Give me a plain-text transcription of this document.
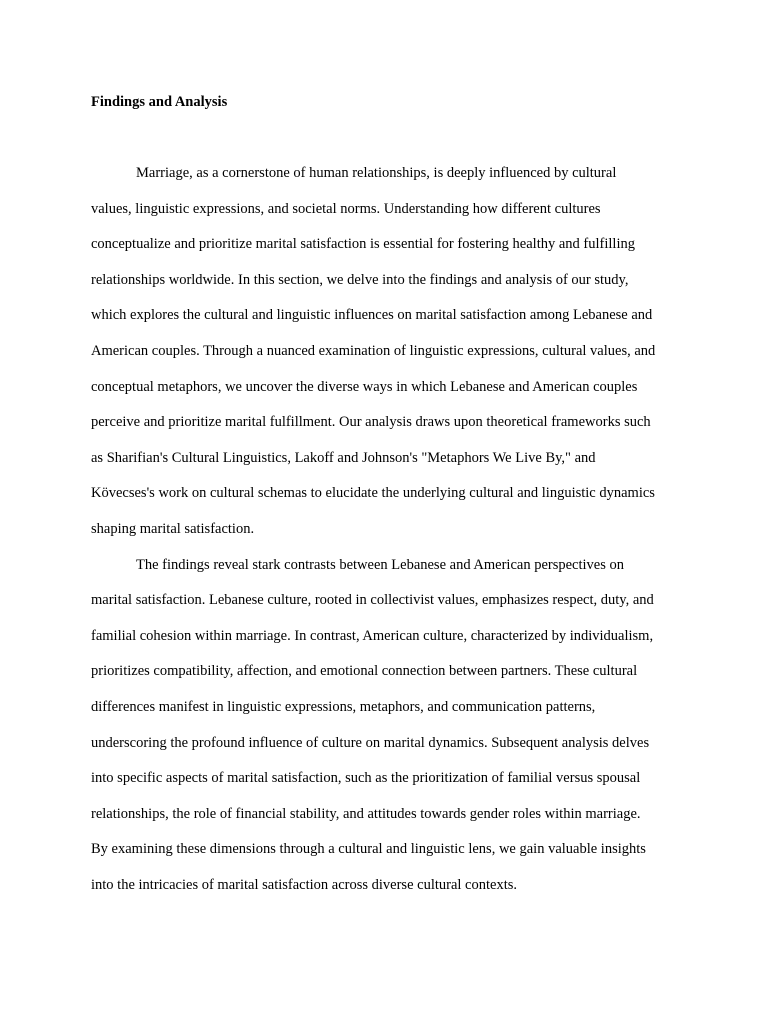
Findings and Analysis

Marriage, as a cornerstone of human relationships, is deeply influenced by cultural

values, linguistic expressions, and societal norms. Understanding how different cultures

conceptualize and prioritize marital satisfaction is essential for fostering healthy and fulfilling

relationships worldwide. In this section, we delve into the findings and analysis of our study,

which explores the cultural and linguistic influences on marital satisfaction among Lebanese and

American couples. Through a nuanced examination of linguistic expressions, cultural values, and

conceptual metaphors, we uncover the diverse ways in which Lebanese and American couples

perceive and prioritize marital fulfillment. Our analysis draws upon theoretical frameworks such

as Sharifian's Cultural Linguistics, Lakoff and Johnson's "Metaphors We Live By," and

Kövecses's work on cultural schemas to elucidate the underlying cultural and linguistic dynamics

shaping marital satisfaction.

The findings reveal stark contrasts between Lebanese and American perspectives on

marital satisfaction. Lebanese culture, rooted in collectivist values, emphasizes respect, duty, and

familial cohesion within marriage. In contrast, American culture, characterized by individualism,

prioritizes compatibility, affection, and emotional connection between partners. These cultural

differences manifest in linguistic expressions, metaphors, and communication patterns,

underscoring the profound influence of culture on marital dynamics. Subsequent analysis delves

into specific aspects of marital satisfaction, such as the prioritization of familial versus spousal

relationships, the role of financial stability, and attitudes towards gender roles within marriage.

By examining these dimensions through a cultural and linguistic lens, we gain valuable insights

into the intricacies of marital satisfaction across diverse cultural contexts.
